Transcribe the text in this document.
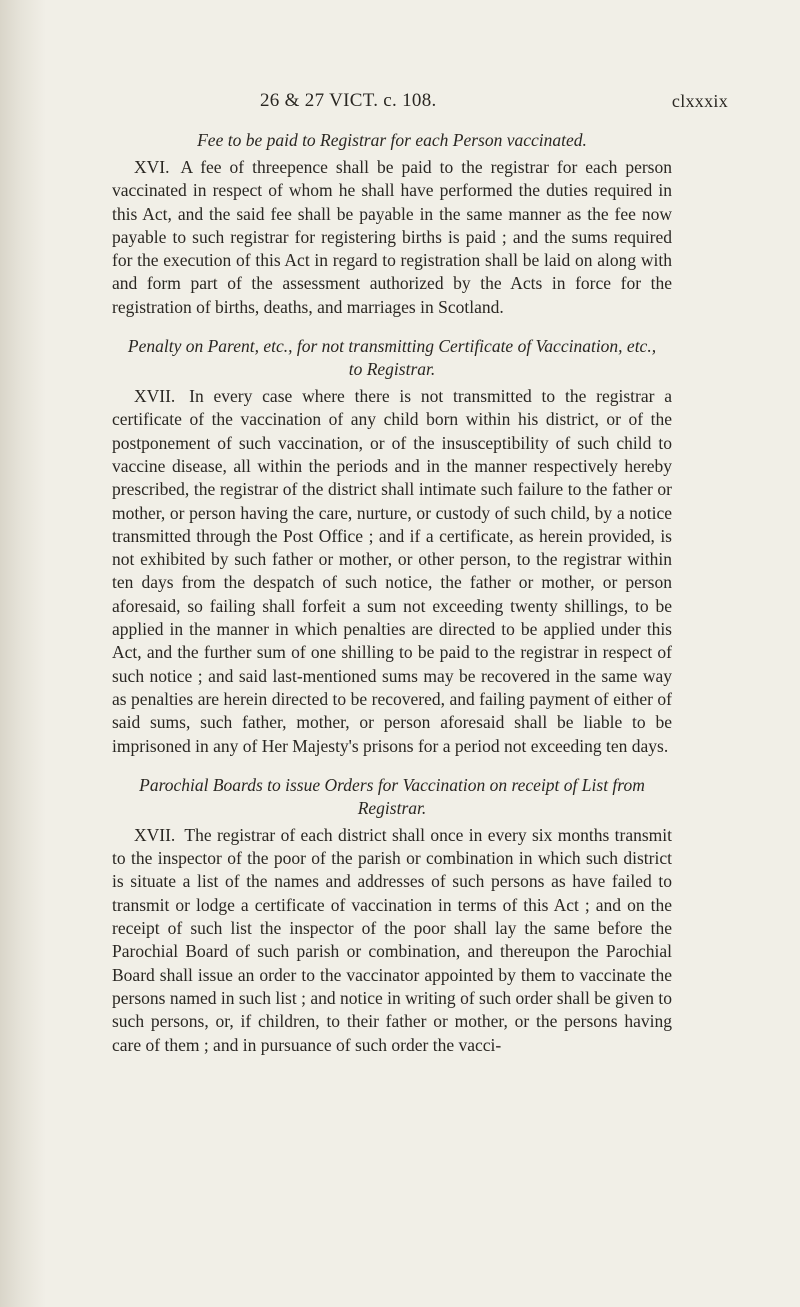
26 & 27 VICT. c. 108.	clxxxix
Fee to be paid to Registrar for each Person vaccinated.

XVI. A fee of threepence shall be paid to the registrar for each person vaccinated in respect of whom he shall have performed the duties required in this Act, and the said fee shall be payable in the same manner as the fee now payable to such registrar for registering births is paid ; and the sums required for the execution of this Act in regard to registration shall be laid on along with and form part of the assessment authorized by the Acts in force for the registration of births, deaths, and marriages in Scotland.

Penalty on Parent, etc., for not transmitting Certificate of Vaccination, etc., to Registrar.

XVII. In every case where there is not transmitted to the registrar a certificate of the vaccination of any child born within his district, or of the postponement of such vaccination, or of the insusceptibility of such child to vaccine disease, all within the periods and in the manner respectively hereby prescribed, the registrar of the district shall intimate such failure to the father or mother, or person having the care, nurture, or custody of such child, by a notice transmitted through the Post Office ; and if a certificate, as herein provided, is not exhibited by such father or mother, or other person, to the registrar within ten days from the despatch of such notice, the father or mother, or person aforesaid, so failing shall forfeit a sum not exceeding twenty shillings, to be applied in the manner in which penalties are directed to be applied under this Act, and the further sum of one shilling to be paid to the registrar in respect of such notice ; and said last-mentioned sums may be recovered in the same way as penalties are herein directed to be recovered, and failing payment of either of said sums, such father, mother, or person aforesaid shall be liable to be imprisoned in any of Her Majesty's prisons for a period not exceeding ten days.

Parochial Boards to issue Orders for Vaccination on receipt of List from Registrar.

XVII. The registrar of each district shall once in every six months transmit to the inspector of the poor of the parish or combination in which such district is situate a list of the names and addresses of such persons as have failed to transmit or lodge a certificate of vaccination in terms of this Act ; and on the receipt of such list the inspector of the poor shall lay the same before the Parochial Board of such parish or combination, and thereupon the Parochial Board shall issue an order to the vaccinator appointed by them to vaccinate the persons named in such list ; and notice in writing of such order shall be given to such persons, or, if children, to their father or mother, or the persons having care of them ; and in pursuance of such order the vacci-
